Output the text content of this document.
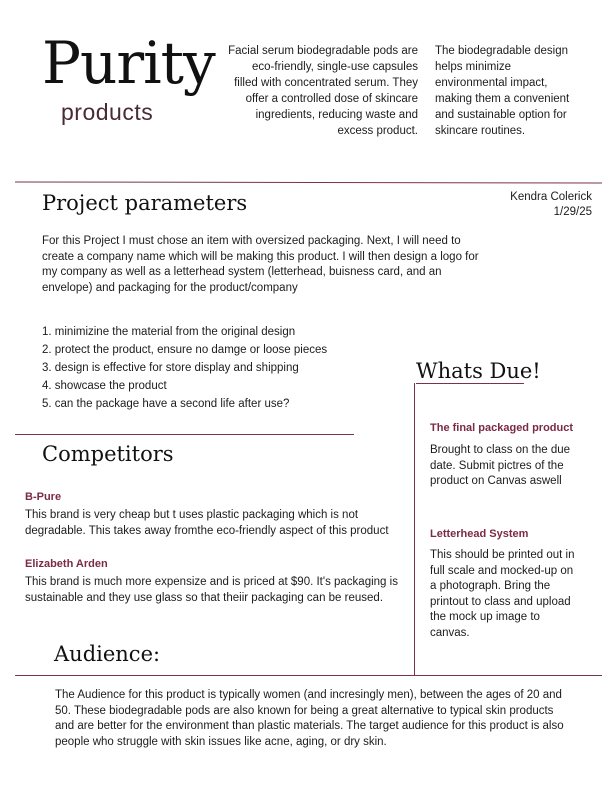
Purity
products
Facial serum biodegradable pods are eco-friendly, single-use capsules filled with concentrated serum. They offer a controlled dose of skincare ingredients, reducing waste and excess product.
The biodegradable design helps minimize environmental impact, making them a convenient and sustainable option for skincare routines.
Project parameters	Kendra Colerick
1/29/25
For this Project I must chose an item with oversized packaging. Next, I will need to create a company name which will be making this product. I will then design a logo for my company as well as a letterhead system (letterhead, buisness card, and an envelope) and packaging for the product/company
1. minimizine the material from the original design
2. protect the product, ensure no damge or loose pieces
3. design is effective for store display and shipping
4. showcase the product
5. can the package have a second life after use?
Whats Due!
The final packaged product
Brought to class on the due date. Submit pictres of the product on Canvas aswell
Letterhead System
This should be printed out in full scale and mocked-up on a photograph. Bring the printout to class and upload the mock up image to canvas.
Competitors
B-Pure
This brand is very cheap but t uses plastic packaging which is not degradable. This takes away fromthe eco-friendly aspect of this product
Elizabeth Arden
This brand is much more expensize and is priced at $90. It's packaging is sustainable and they use glass so that theiir packaging can be reused.
Audience:
The Audience for this product is typically women (and incresingly men), between the ages of 20 and 50. These biodegradable pods are also known for being a great alternative to typical skin products and are better for the environment than plastic materials. The target audience for this product is also people who struggle with skin issues like acne, aging, or dry skin.
